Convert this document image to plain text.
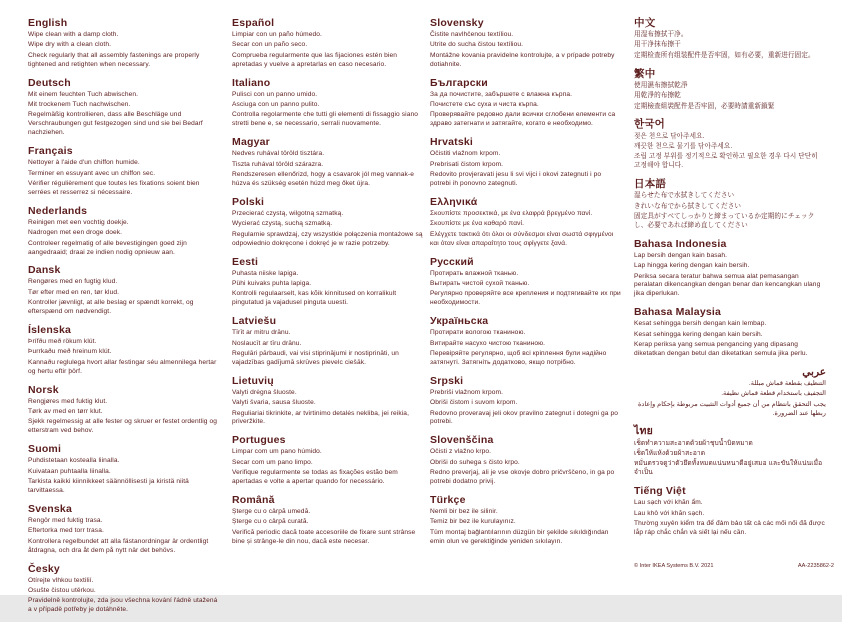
English

Wipe clean with a damp cloth.

Wipe dry with a clean cloth.

Check regularly that all assembly fastenings are properly tightened and retighten when necessary.

Deutsch

Mit einem feuchten Tuch abwischen.

Mit trockenem Tuch nachwischen.

Regelmäßig kontrollieren, dass alle Beschläge und Verschraubungen gut festgezogen sind und sie bei Bedarf nachziehen.

Français

Nettoyer à l'aide d'un chiffon humide.

Terminer en essuyant avec un chiffon sec.

Vérifier régulièrement que toutes les fixations soient bien serrées et resserrez si nécessaire.

Nederlands

Reinigen met een vochtig doekje.

Nadrogen met een droge doek.

Controleer regelmatig of alle bevestigingen goed zijn aangedraaid; draai ze indien nodig opnieuw aan.

Dansk

Rengøres med en fugtig klud.

Tør efter med en ren, tør klud.

Kontroller jævnligt, at alle beslag er spændt korrekt, og efterspænd om nødvendigt.

Íslenska

Þrífðu með rökum klút.

Þurrkaðu með hreinum klút.

Kannaðu reglulega hvort allar festingar séu almennilega hertar og hertu eftir þörf.

Norsk

Rengjøres med fuktig klut.

Tørk av med en tørr klut.

Sjekk regelmessig at alle fester og skruer er festet ordentlig og etterstram ved behov.

Suomi

Puhdistetaan kostealla liinalla.

Kuivataan puhtaalla liinalla.

Tarkista kaikki kiinnikkeet säännöllisesti ja kiristä niitä tarvittaessa.

Svenska

Rengör med fuktig trasa.

Eftertorka med torr trasa.

Kontrollera regelbundet att alla fästanordningar är ordentligt åtdragna, och dra åt dem på nytt när det behövs.

Česky

Otírejte vlhkou textilií.

Osušte čistou utěrkou.

Pravidelně kontrolujte, zda jsou všechna kování řádně utažená a v případě potřeby je dotáhněte.

Español

Limpiar con un paño húmedo.

Secar con un paño seco.

Comprueba regularmente que las fijaciones estén bien apretadas y vuelve a apretarlas en caso necesario.

Italiano

Pulisci con un panno umido.

Asciuga con un panno pulito.

Controlla regolarmente che tutti gli elementi di fissaggio siano stretti bene e, se necessario, serrali nuovamente.

Magyar

Nedves ruhával töröld tisztára.

Tiszta ruhával töröld szárazra.

Rendszeresen ellenőrizd, hogy a csavarok jól meg vannak-e húzva és szükség esetén húzd meg őket újra.

Polski

Przecierać czystą, wilgotną szmatką.

Wycierać czystą, suchą szmatką.

Regularnie sprawdzaj, czy wszystkie połączenia montażowe są odpowiednio dokręcone i dokręć je w razie potrzeby.

Eesti

Puhasta niiske lapiga.

Pühi kuivaks puhta lapiga.

Kontrolli regulaarselt, kas kõik kinnitused on korralikult pingutatud ja vajadusel pinguta uuesti.

Latviešu

Tīrīt ar mitru drānu.

Noslaucīt ar tīru drānu.

Regulāri pārbaudi, vai visi stiprinājumi ir nostiprināti, un vajadzības gadījumā skrūves pievelc ciešāk.

Lietuvių

Valyti drėgna šluoste.

Valyti švaria, sausa šluoste.

Reguliariai tikrinkite, ar tvirtinimo detalės nekliba, jei reikia, priveržkite.

Portugues

Limpar com um pano húmido.

Secar com um pano limpo.

Verifique regularmente se todas as fixações estão bem apertadas e volte a apertar quando for necessário.

Română

Șterge cu o cârpă umedă.

Șterge cu o cârpă curată.

Verifică periodic dacă toate accesoriile de fixare sunt strânse bine și strânge-le din nou, dacă este necesar.

Slovensky

Čistite navlhčenou textíliou.

Utrite do sucha čistou textíliou.

Montážne kovania pravidelne kontrolujte, a v prípade potreby dotiahnite.

Български

За да почистите, забършете с влажна кърпа.

Почистете със суха и чиста кърпа.

Проверявайте редовно дали всички сглобени елементи са здраво затегнати и затягайте, когато е необходимо.

Hrvatski

Očistiti vlažnom krpom.

Prebrisati čistom krpom.

Redovito provjeravati jesu li svi vijci i okovi zategnuti i po potrebi ih ponovno zategnuti.

Ελληνικά

Σκουπίστε προσεκτικά, με ένα ελαφρά βρεγμένο πανί.

Σκουπίστε με ένα καθαρό πανί.

Ελέγχετε τακτικά ότι όλοι οι σύνδεσμοι είναι σωστά σφιγμένοι και όταν είναι απαραίτητο τους σφίγγετε ξανά.

Русский

Протирать влажной тканью.

Вытирать чистой сухой тканью.

Регулярно проверяйте все крепления и подтягивайте их при необходимости.

Україньска

Протирати вологою тканиною.

Витирайте насухо чистою тканиною.

Перевіряйте регулярно, щоб всі кріплення були надійно затягнуті. Затягніть додатково, якщо потрібно.

Srpski

Prebriši vlažnom krpom.

Obriši čistom i suvom krpom.

Redovno proveravaj jeli okov pravilno zategnut i dotegni ga po potrebi.

Slovenščina

Očisti z vlažno krpo.

Obriši do suhega s čisto krpo.

Redno preverjaj, ali je vse okovje dobro pričvrščeno, in ga po potrebi dodatno privij.

Türkçe

Nemli bir bez ile silinir.

Temiz bir bez ile kurulayınız.

Tüm montaj bağlantılarının düzgün bir şekilde sıkıldığından emin olun ve gerektiğinde yeniden sıkılayın.

中文

用湿布擦拭干净。

用干净抹布擦干

定期检查所有组装配件是否牢固，如有必要，重新进行固定。

繁中

使用濕布擦拭乾淨

用乾淨的布擦乾

定期檢查組裝配件是否牢固，必要時請重新鎖緊

한국어

젖은 천으로 닦아주세요.

깨끗한 천으로 물기를 닦아주세요.

조립 고정 부위를 정기적으로 확인하고 필요한 경우 다시 단단히 고정해야 합니다.

日本語

湿らせた布で水拭きしてください

きれいな布でから拭きしてください

固定具がすべてしっかりと締まっているか定期的にチェックし、必要であれば締め直してください

Bahasa Indonesia

Lap bersih dengan kain basah.

Lap hingga kering dengan kain bersih.

Periksa secara teratur bahwa semua alat pemasangan peralatan dikencangkan dengan benar dan kencangkan ulang jika diperlukan.

Bahasa Malaysia

Kesat sehingga bersih dengan kain lembap.

Kesat sehingga kering dengan kain bersih.

Kerap periksa yang semua pengancing yang dipasang diketatkan dengan betul dan diketatkan semula jika perlu.

عربي

التنظيف بقطعة قماش مبللة.

التجفيف باستخدام قطعة قماش نظيفة.

يجب التحقق بانتظام من أن جميع أدوات التثبيت مربوطة بإحكام وإعادة ربطها عند الضرورة.

ไทย

เช็ดทำความสะอาดด้วยผ้าชุบน้ำบิดหมาด

เช็ดให้แห้งด้วยผ้าสะอาด

หมั่นตรวจดูว่าตัวยึดทั้งหมดแน่นหนาดีอยู่เสมอ และขันให้แน่นเมื่อจำเป็น

Tiếng Việt

Lau sạch với khăn ẩm.

Lau khô với khăn sạch.

Thường xuyên kiểm tra để đảm bảo tất cả các mối nối đã được lắp ráp chắc chắn và siết lại nếu cần.

© Inter IKEA Systems B.V. 2021	AA-2235862-2
